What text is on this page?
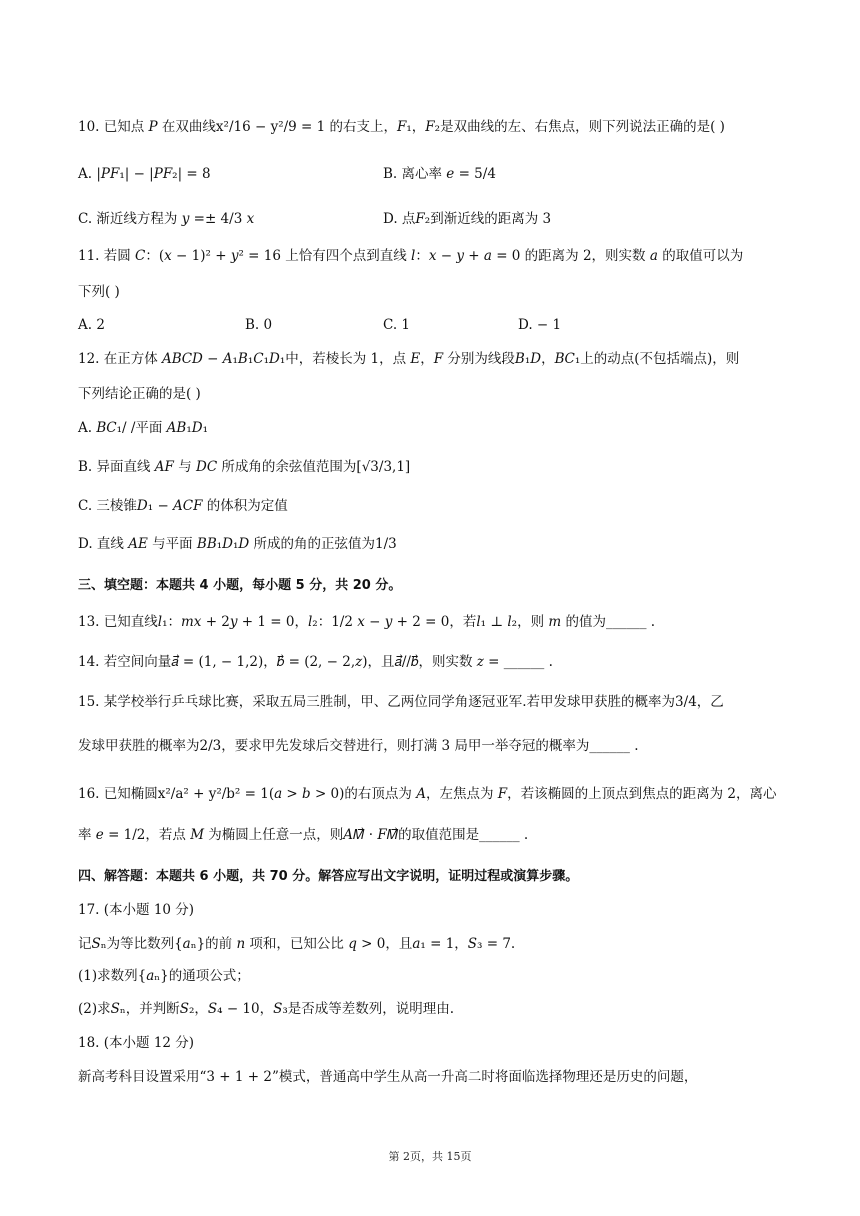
10. 已知点 𝑃 在双曲线x²/16 − y²/9 = 1 的右支上，𝐹₁，𝐹₂是双曲线的左、右焦点，则下列说法正确的是( )
A. |𝑃𝐹₁| − |𝑃𝐹₂| = 8	B. 离心率 𝑒 = 5/4
C. 渐近线方程为 𝑦 =± 4/3 𝑥	D. 点𝐹₂到渐近线的距离为 3
11. 若圆 𝐶：(𝑥 − 1)² + 𝑦² = 16 上恰有四个点到直线 𝑙：𝑥 − 𝑦 + 𝑎 = 0 的距离为 2，则实数 𝑎 的取值可以为
下列( )
A. 2	B. 0	C. 1	D. − 1
12. 在正方体 𝐴𝐵𝐶𝐷 − 𝐴₁𝐵₁𝐶₁𝐷₁中，若棱长为 1，点 𝐸，𝐹 分别为线段𝐵₁𝐷，𝐵𝐶₁上的动点(不包括端点)，则
下列结论正确的是( )
A. 𝐵𝐶₁/ /平面 𝐴𝐵₁𝐷₁
B. 异面直线 𝐴𝐹 与 𝐷𝐶 所成角的余弦值范围为[√3/3,1]
C. 三棱锥𝐷₁ − 𝐴𝐶𝐹 的体积为定值
D. 直线 𝐴𝐸 与平面 𝐵𝐵₁𝐷₁𝐷 所成的角的正弦值为1/3
三、填空题：本题共 4 小题，每小题 5 分，共 20 分。
13. 已知直线𝑙₁：𝑚𝑥 + 2𝑦 + 1 = 0，𝑙₂：1/2 𝑥 − 𝑦 + 2 = 0，若𝑙₁ ⊥ 𝑙₂，则 𝑚 的值为______ .
14. 若空间向量𝑎⃗ = (1, − 1,2)，𝑏⃗ = (2, − 2,𝑧)，且𝑎⃗//𝑏⃗，则实数 𝑧 = ______ .
15. 某学校举行乒乓球比赛，采取五局三胜制，甲、乙两位同学角逐冠亚军.若甲发球甲获胜的概率为3/4，乙
发球甲获胜的概率为2/3，要求甲先发球后交替进行，则打满 3 局甲一举夺冠的概率为______ .
16. 已知椭圆x²/a² + y²/b² = 1(𝑎 > 𝑏 > 0)的右顶点为 𝐴，左焦点为 𝐹，若该椭圆的上顶点到焦点的距离为 2，离心
率 𝑒 = 1/2，若点 𝑀 为椭圆上任意一点，则𝐴𝑀⃗ · 𝐹𝑀⃗的取值范围是______ .
四、解答题：本题共 6 小题，共 70 分。解答应写出文字说明，证明过程或演算步骤。
17. (本小题 10 分)
记𝑆ₙ为等比数列{𝑎ₙ}的前 𝑛 项和，已知公比 𝑞 > 0，且𝑎₁ = 1，𝑆₃ = 7.
(1)求数列{𝑎ₙ}的通项公式；
(2)求𝑆ₙ，并判断𝑆₂，𝑆₄ − 10，𝑆₃是否成等差数列，说明理由.
18. (本小题 12 分)
新高考科目设置采用“3 + 1 + 2”模式，普通高中学生从高一升高二时将面临选择物理还是历史的问题，
第 2页，共 15页
